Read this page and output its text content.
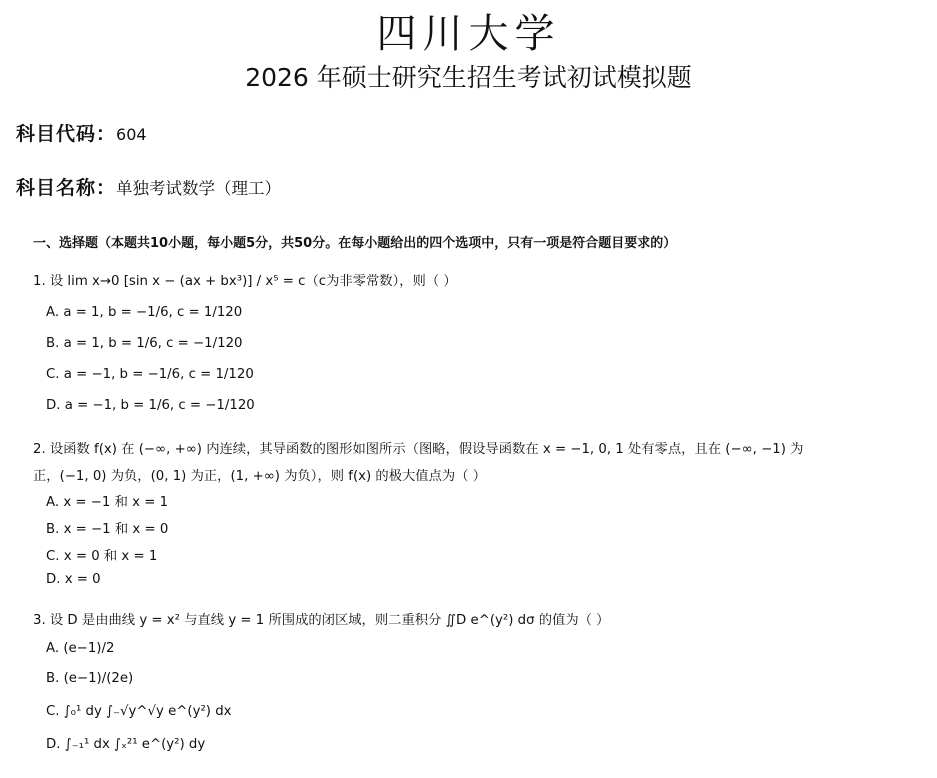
四川大学
2026 年硕士研究生招生考试初试模拟题
科目代码：604
科目名称：单独考试数学（理工）
一、选择题（本题共10小题，每小题5分，共50分。在每小题给出的四个选项中，只有一项是符合题目要求的）
1. 设 lim x→0 [sin x − (ax + bx³)] / x⁵ = c（c为非零常数），则（ ）
A. a = 1, b = −1/6, c = 1/120
B. a = 1, b = 1/6, c = −1/120
C. a = −1, b = −1/6, c = 1/120
D. a = −1, b = 1/6, c = −1/120
2. 设函数 f(x) 在 (−∞, +∞) 内连续，其导函数的图形如图所示（图略，假设导函数在 x = −1, 0, 1 处有零点，且在 (−∞, −1) 为
正，(−1, 0) 为负，(0, 1) 为正，(1, +∞) 为负），则 f(x) 的极大值点为（ ）
A. x = −1 和 x = 1
B. x = −1 和 x = 0
C. x = 0 和 x = 1
D. x = 0
3. 设 D 是由曲线 y = x² 与直线 y = 1 所围成的闭区域，则二重积分 ∬D e^(y²) dσ 的值为（ ）
A. (e−1)/2
B. (e−1)/(2e)
C. ∫₀¹ dy ∫₋√y^√y e^(y²) dx
D. ∫₋₁¹ dx ∫ₓ²¹ e^(y²) dy
